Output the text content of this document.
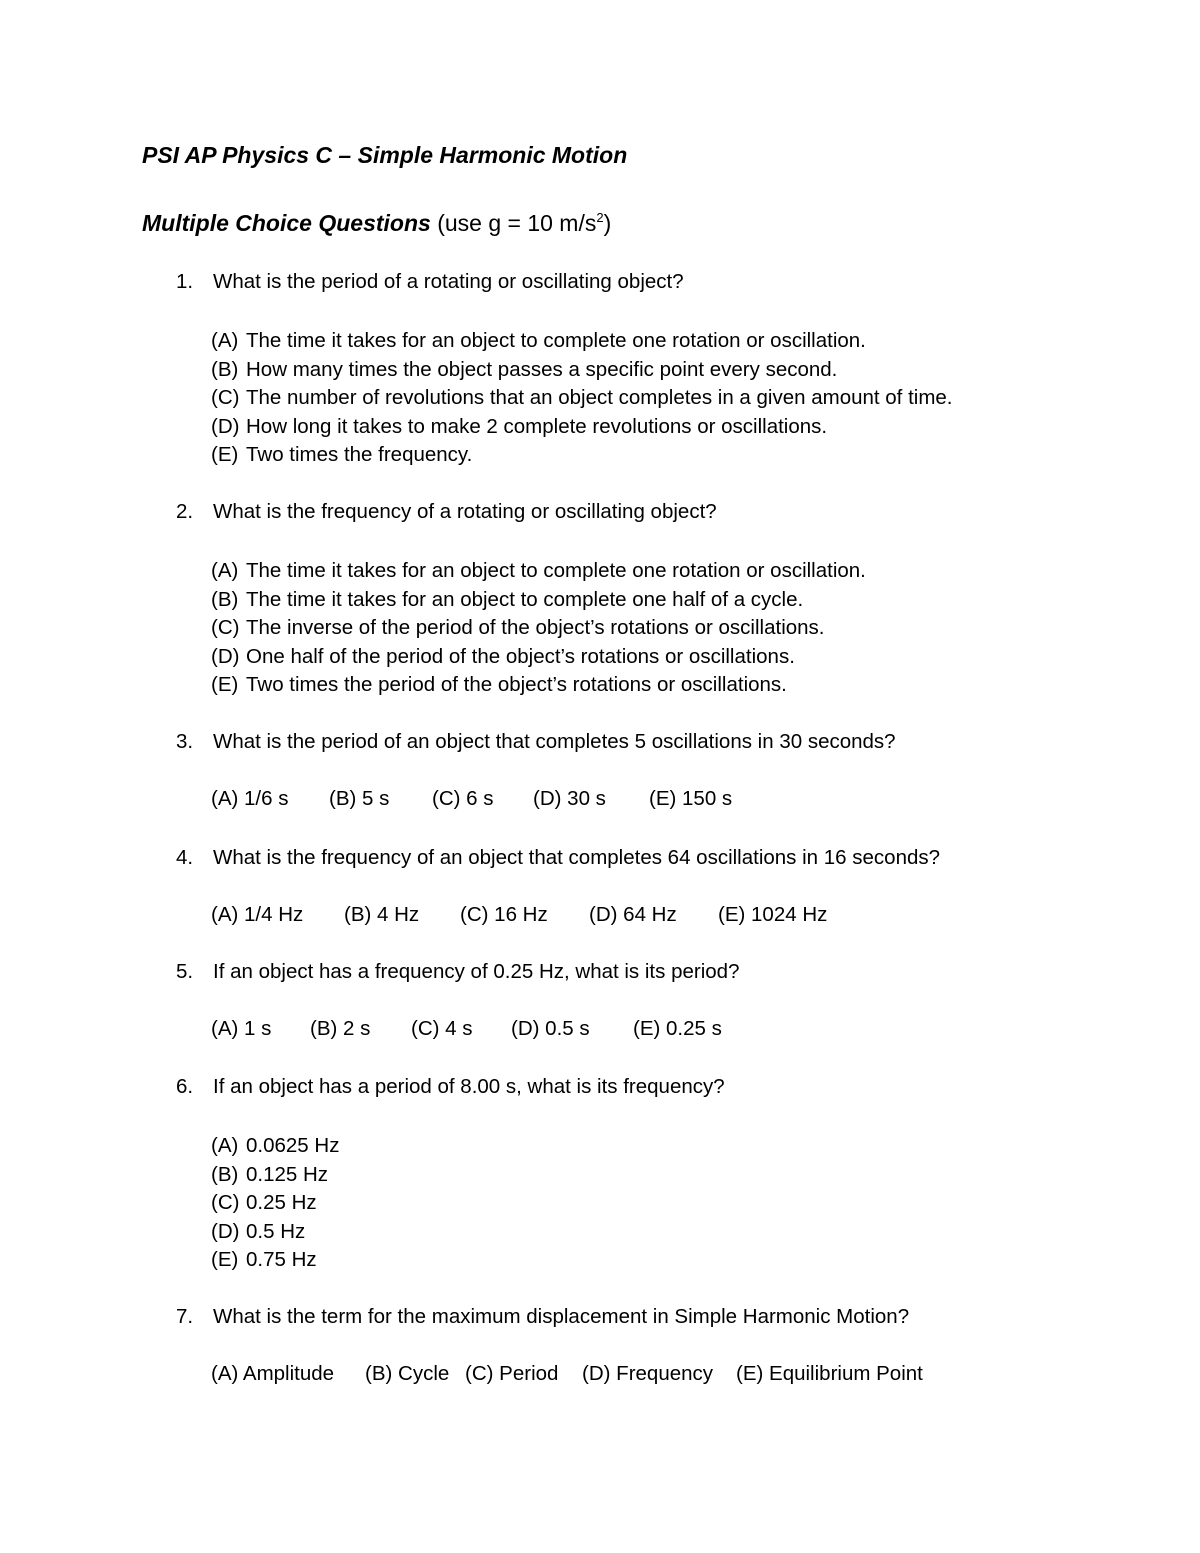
PSI AP Physics C – Simple Harmonic Motion
Multiple Choice Questions (use g = 10 $m/s^2$)
1. What is the period of a rotating or oscillating object?
(A) The time it takes for an object to complete one rotation or oscillation.
(B) How many times the object passes a specific point every second.
(C) The number of revolutions that an object completes in a given amount of time.
(D) How long it takes to make 2 complete revolutions or oscillations.
(E) Two times the frequency.
2. What is the frequency of a rotating or oscillating object?
(A) The time it takes for an object to complete one rotation or oscillation.
(B) The time it takes for an object to complete one half of a cycle.
(C) The inverse of the period of the object’s rotations or oscillations.
(D) One half of the period of the object’s rotations or oscillations.
(E) Two times the period of the object’s rotations or oscillations.
3. What is the period of an object that completes 5 oscillations in 30 seconds?
(A) 1/6 s (B) 5 s (C) 6 s (D) 30 s (E) 150 s
4. What is the frequency of an object that completes 64 oscillations in 16 seconds?
(A) 1/4 Hz (B) 4 Hz (C) 16 Hz (D) 64 Hz (E) 1024 Hz
5. If an object has a frequency of 0.25 Hz, what is its period?
(A) 1 s (B) 2 s (C) 4 s (D) 0.5 s (E) 0.25 s
6. If an object has a period of 8.00 s, what is its frequency?
(A) 0.0625 Hz
(B) 0.125 Hz
(C) 0.25 Hz
(D) 0.5 Hz
(E) 0.75 Hz
7. What is the term for the maximum displacement in Simple Harmonic Motion?
(A) Amplitude (B) Cycle (C) Period (D) Frequency (E) Equilibrium Point
